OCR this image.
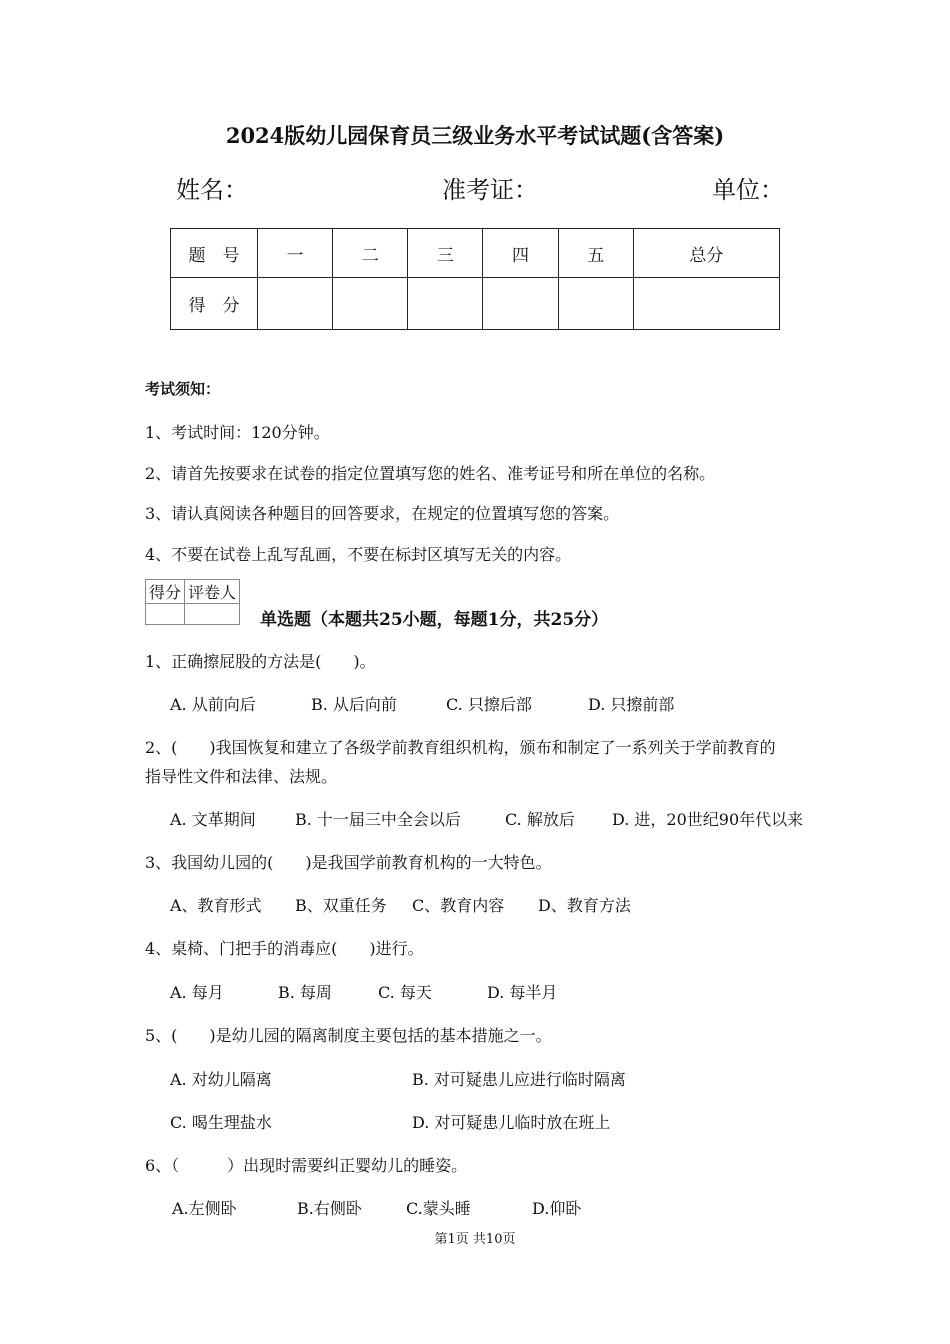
2024版幼儿园保育员三级业务水平考试试题(含答案)
姓名：	准考证：	单位：
题　号	一	二	三	四	五	总分
得　分						
考试须知：
1、考试时间：120分钟。
2、请首先按要求在试卷的指定位置填写您的姓名、准考证号和所在单位的名称。
3、请认真阅读各种题目的回答要求，在规定的位置填写您的答案。
4、不要在试卷上乱写乱画，不要在标封区填写无关的内容。
得分	评卷人

单选题（本题共25小题，每题1分，共25分）
1、正确擦屁股的方法是(　　)。
A. 从前向后	B. 从后向前	C. 只擦后部	D. 只擦前部
2、(　　)我国恢复和建立了各级学前教育组织机构，颁布和制定了一系列关于学前教育的
指导性文件和法律、法规。
A. 文革期间 B. 十一届三中全会以后	C. 解放后 D. 进，20世纪90年代以来
3、我国幼儿园的(　　)是我国学前教育机构的一大特色。
A、教育形式 B、双重任务 C、教育内容 D、教育方法
4、桌椅、门把手的消毒应(　　)进行。
A. 每月	B. 每周	C. 每天	D. 每半月
5、(　　)是幼儿园的隔离制度主要包括的基本措施之一。
A. 对幼儿隔离	B. 对可疑患儿应进行临时隔离
C. 喝生理盐水	D. 对可疑患儿临时放在班上
6、（　　　）出现时需要纠正婴幼儿的睡姿。
A.左侧卧	B.右侧卧	C.蒙头睡	D.仰卧
第1页 共10页
